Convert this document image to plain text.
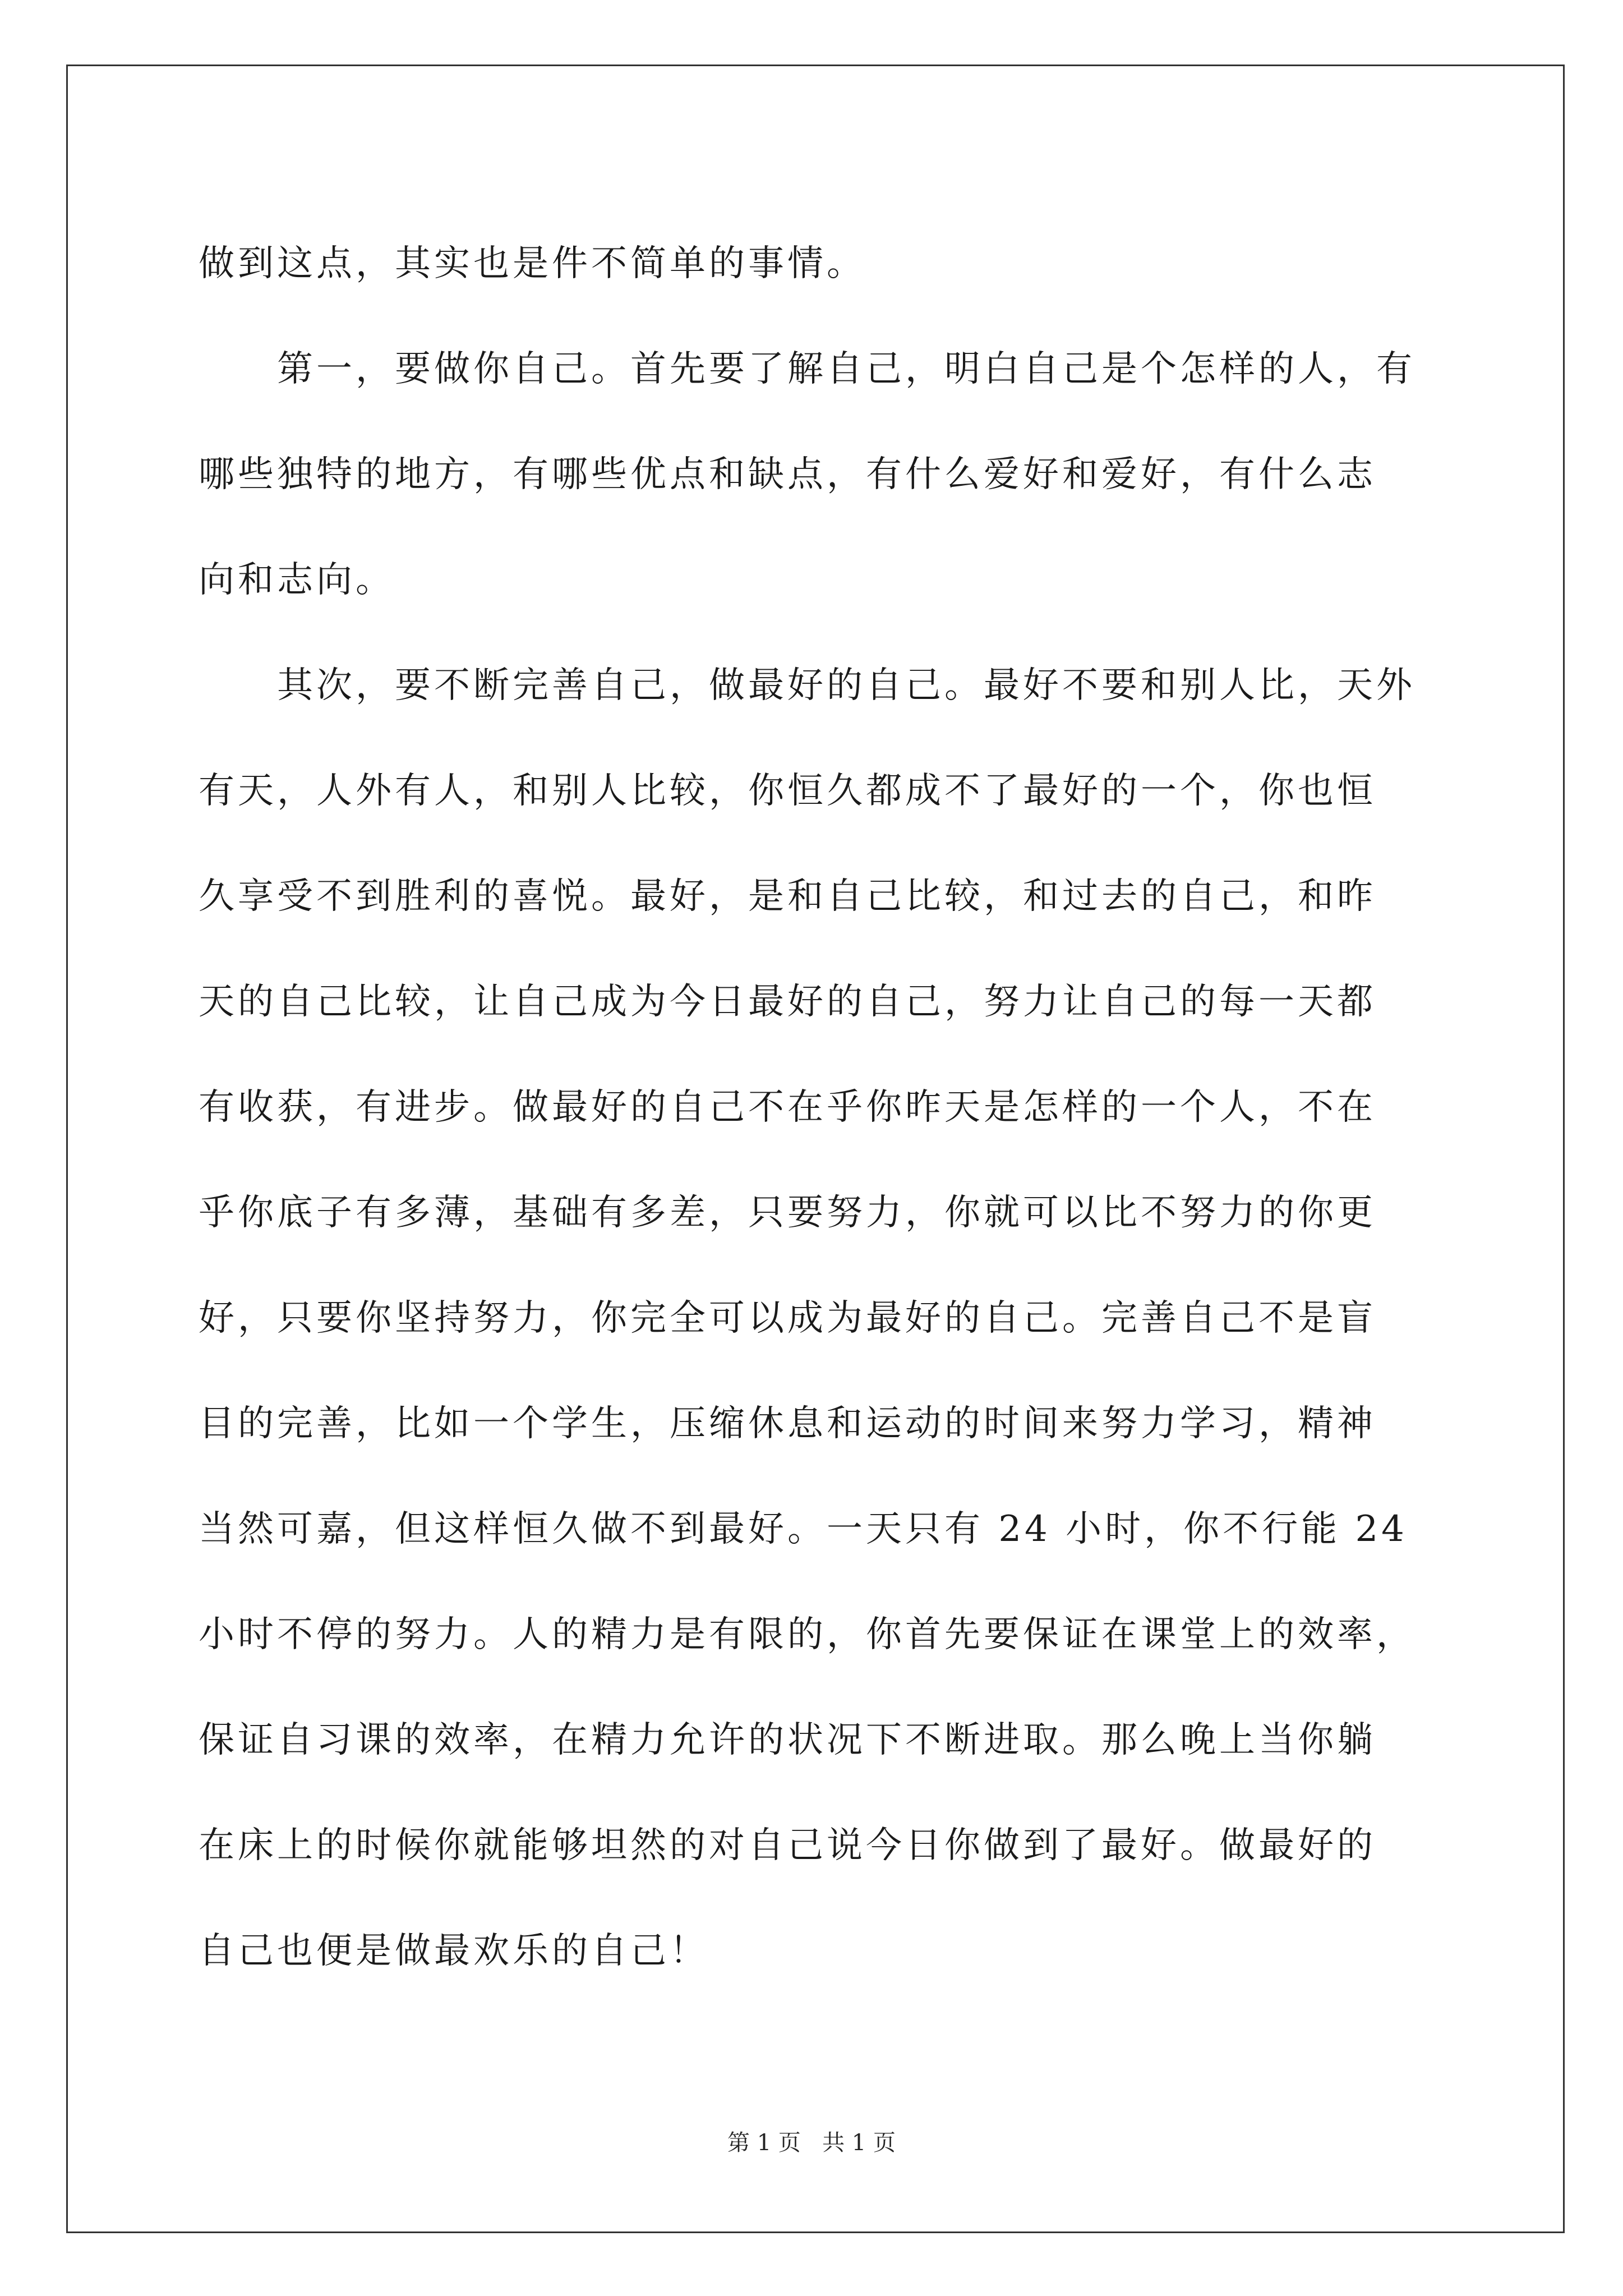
做到这点，其实也是件不简单的事情。
　　第一，要做你自己。首先要了解自己，明白自己是个怎样的人，有
哪些独特的地方，有哪些优点和缺点，有什么爱好和爱好，有什么志
向和志向。
　　其次，要不断完善自己，做最好的自己。最好不要和别人比，天外
有天，人外有人，和别人比较，你恒久都成不了最好的一个，你也恒
久享受不到胜利的喜悦。最好，是和自己比较，和过去的自己，和昨
天的自己比较，让自己成为今日最好的自己，努力让自己的每一天都
有收获，有进步。做最好的自己不在乎你昨天是怎样的一个人，不在
乎你底子有多薄，基础有多差，只要努力，你就可以比不努力的你更
好，只要你坚持努力，你完全可以成为最好的自己。完善自己不是盲
目的完善，比如一个学生，压缩休息和运动的时间来努力学习，精神
当然可嘉，但这样恒久做不到最好。一天只有 24 小时，你不行能 24
小时不停的努力。人的精力是有限的，你首先要保证在课堂上的效率，
保证自习课的效率，在精力允许的状况下不断进取。那么晚上当你躺
在床上的时候你就能够坦然的对自己说今日你做到了最好。做最好的
自己也便是做最欢乐的自己！
第 1 页   共 1 页
